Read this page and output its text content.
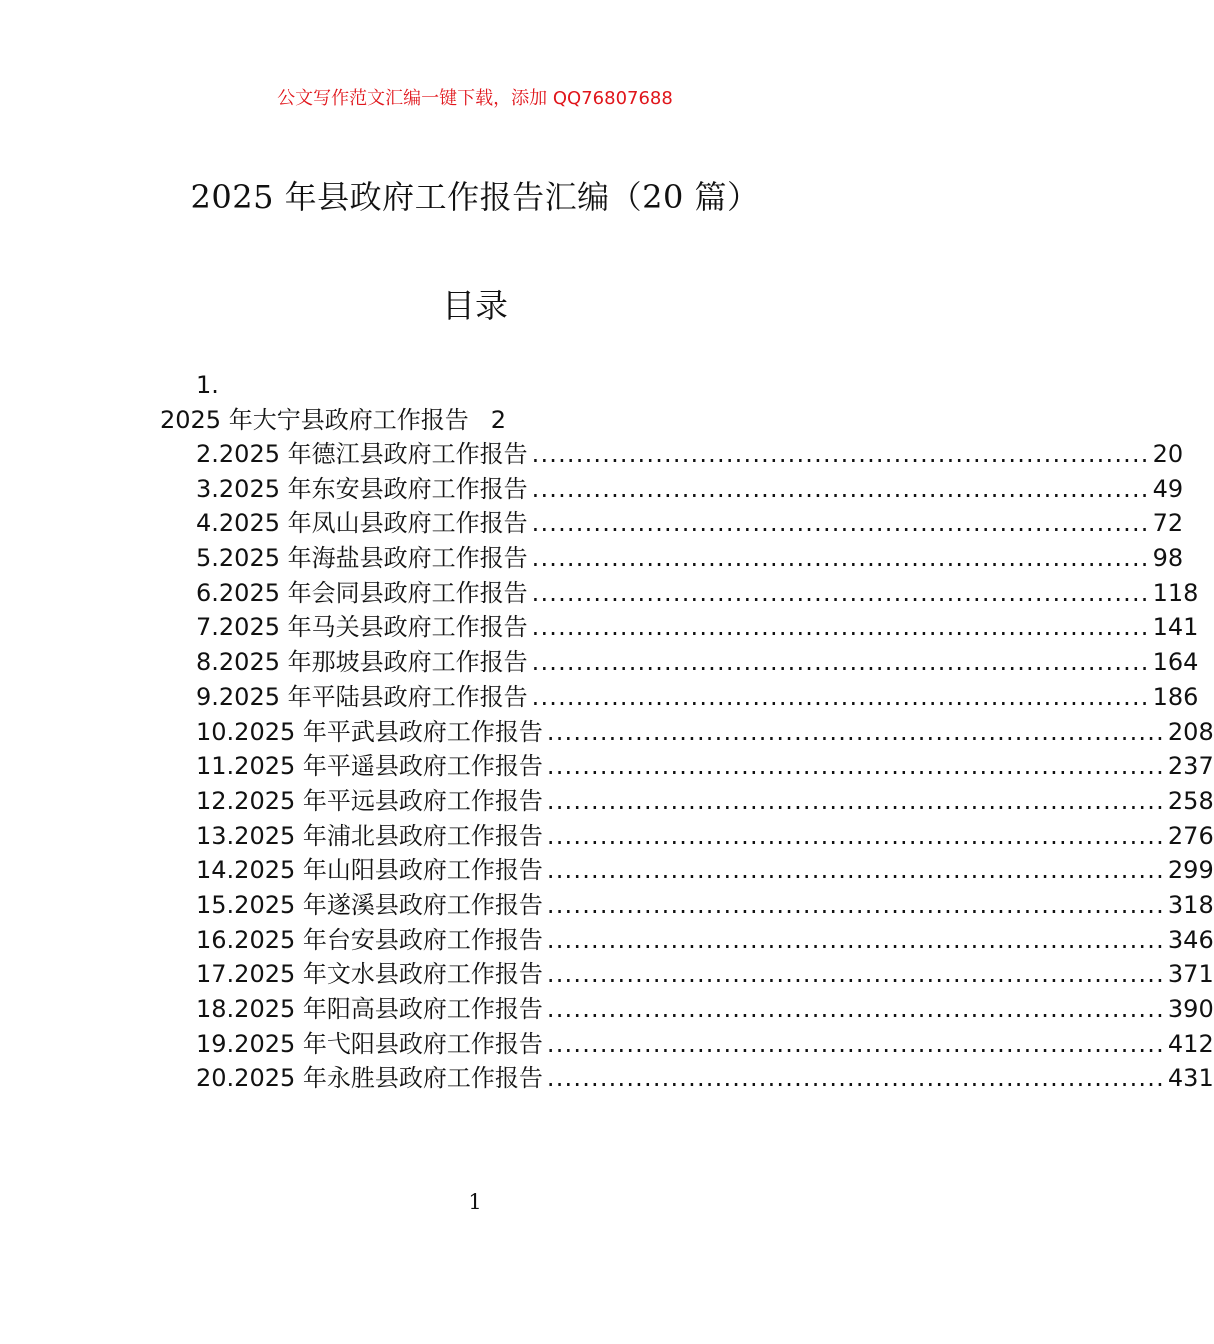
公文写作范文汇编一键下载，添加 QQ76807688
2025 年县政府工作报告汇编（20 篇）
目录
1.
2025 年大宁县政府工作报告 2
2.2025 年德江县政府工作报告 ...................................................................... 20
3.2025 年东安县政府工作报告 ...................................................................... 49
4.2025 年凤山县政府工作报告 ...................................................................... 72
5.2025 年海盐县政府工作报告 ...................................................................... 98
6.2025 年会同县政府工作报告 ...................................................................... 118
7.2025 年马关县政府工作报告 ...................................................................... 141
8.2025 年那坡县政府工作报告 ...................................................................... 164
9.2025 年平陆县政府工作报告 ...................................................................... 186
10.2025 年平武县政府工作报告 ...................................................................... 208
11.2025 年平遥县政府工作报告 ...................................................................... 237
12.2025 年平远县政府工作报告 ...................................................................... 258
13.2025 年浦北县政府工作报告 ...................................................................... 276
14.2025 年山阳县政府工作报告 ...................................................................... 299
15.2025 年遂溪县政府工作报告 ...................................................................... 318
16.2025 年台安县政府工作报告 ...................................................................... 346
17.2025 年文水县政府工作报告 ...................................................................... 371
18.2025 年阳高县政府工作报告 ...................................................................... 390
19.2025 年弋阳县政府工作报告 ...................................................................... 412
20.2025 年永胜县政府工作报告 ...................................................................... 431
1
